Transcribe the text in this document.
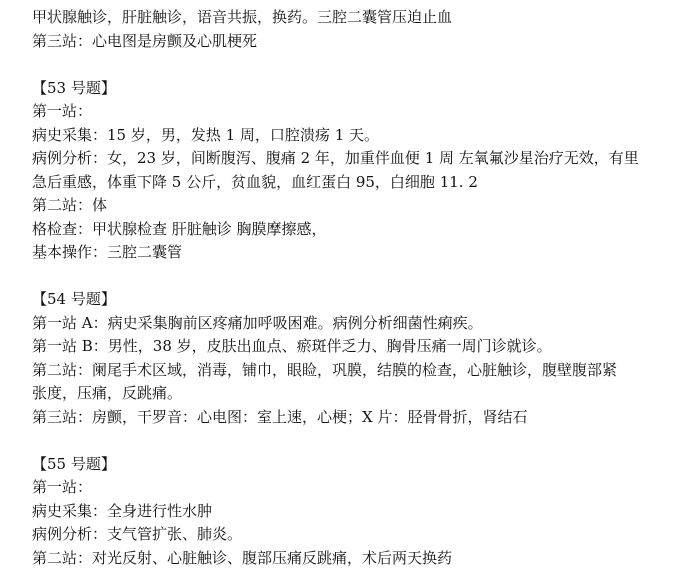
甲状腺触诊，肝脏触诊，语音共振，换药。三腔二囊管压迫止血
第三站：心电图是房颤及心肌梗死
【53 号题】
第一站：
病史采集：15 岁，男，发热 1 周，口腔溃疡 1 天。
病例分析：女，23 岁，间断腹泻、腹痛 2 年，加重伴血便 1 周 左氧氟沙星治疗无效，有里
急后重感，体重下降 5 公斤，贫血貌，血红蛋白 95，白细胞 11. 2
第二站：体
格检查：甲状腺检查 肝脏触诊 胸膜摩擦感，
基本操作：三腔二囊管
【54 号题】
第一站 A：病史采集胸前区疼痛加呼吸困难。病例分析细菌性痢疾。
第一站 B：男性，38 岁，皮肤出血点、瘀斑伴乏力、胸骨压痛一周门诊就诊。
第二站：阑尾手术区域，消毒，铺巾，眼睑，巩膜，结膜的检查，心脏触诊，腹壁腹部紧
张度，压痛，反跳痛。
第三站：房颤，干罗音：心电图：室上速，心梗；X 片：胫骨骨折，肾结石
【55 号题】
第一站：
病史采集：全身进行性水肿
病例分析：支气管扩张、肺炎。
第二站：对光反射、心脏触诊、腹部压痛反跳痛，术后两天换药
